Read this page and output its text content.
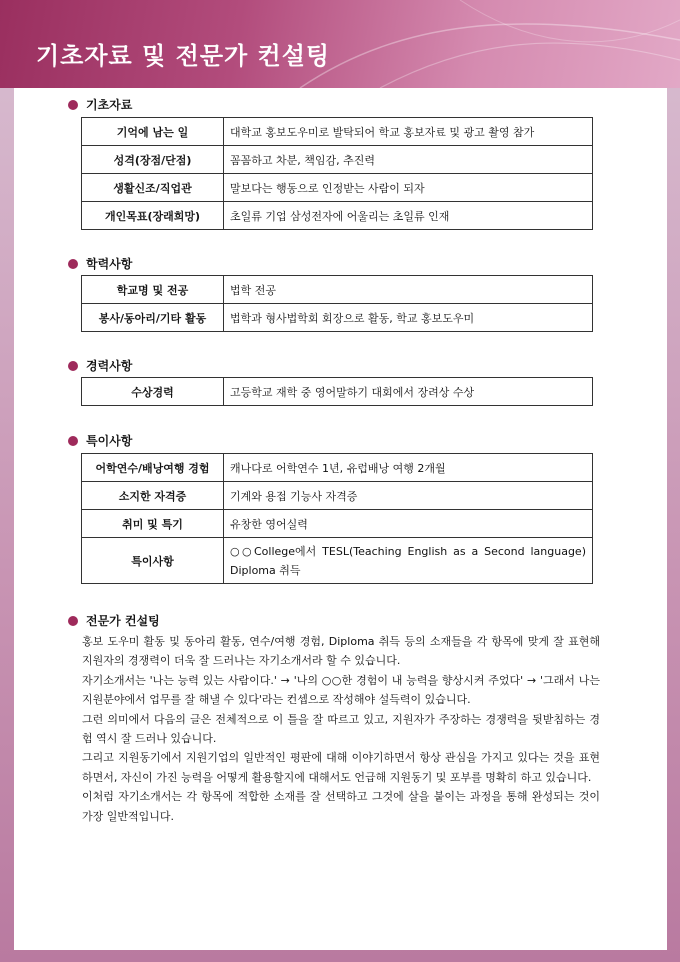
기초자료 및 전문가 컨설팅
기초자료
기억에 남는 일	대학교 홍보도우미로 발탁되어 학교 홍보자료 및 광고 촬영 참가
성격(장점/단점)	꼼꼼하고 차분, 책임감, 추진력
생활신조/직업관	말보다는 행동으로 인정받는 사람이 되자
개인목표(장래희망)	초일류 기업 삼성전자에 어울리는 초일류 인재
학력사항
학교명 및 전공	법학 전공
봉사/동아리/기타 활동	법학과 형사법학회 회장으로 활동, 학교 홍보도우미
경력사항
수상경력	고등학교 재학 중 영어말하기 대회에서 장려상 수상
특이사항
어학연수/배낭여행 경험	캐나다로 어학연수 1년, 유럽배낭 여행 2개월
소지한 자격증	기계와 용접 기능사 자격증
취미 및 특기	유창한 영어실력
특이사항	○○College에서 TESL(Teaching English as a Second language) Diploma 취득
전문가 컨설팅

홍보 도우미 활동 및 동아리 활동, 연수/여행 경험, Diploma 취득 등의 소재들을 각 항목에 맞게 잘 표현해 지원자의 경쟁력이 더욱 잘 드러나는 자기소개서라 할 수 있습니다.

자기소개서는 '나는 능력 있는 사람이다.' → '나의 ○○한 경험이 내 능력을 향상시켜 주었다' → '그래서 나는 지원분야에서 업무를 잘 해낼 수 있다'라는 컨셉으로 작성해야 설득력이 있습니다.

그런 의미에서 다음의 글은 전체적으로 이 틀을 잘 따르고 있고, 지원자가 주장하는 경쟁력을 뒷받침하는 경험 역시 잘 드러나 있습니다.

그리고 지원동기에서 지원기업의 일반적인 평판에 대해 이야기하면서 항상 관심을 가지고 있다는 것을 표현하면서, 자신이 가진 능력을 어떻게 활용할지에 대해서도 언급해 지원동기 및 포부를 명확히 하고 있습니다.

이처럼 자기소개서는 각 항목에 적합한 소재를 잘 선택하고 그것에 살을 붙이는 과정을 통해 완성되는 것이 가장 일반적입니다.
